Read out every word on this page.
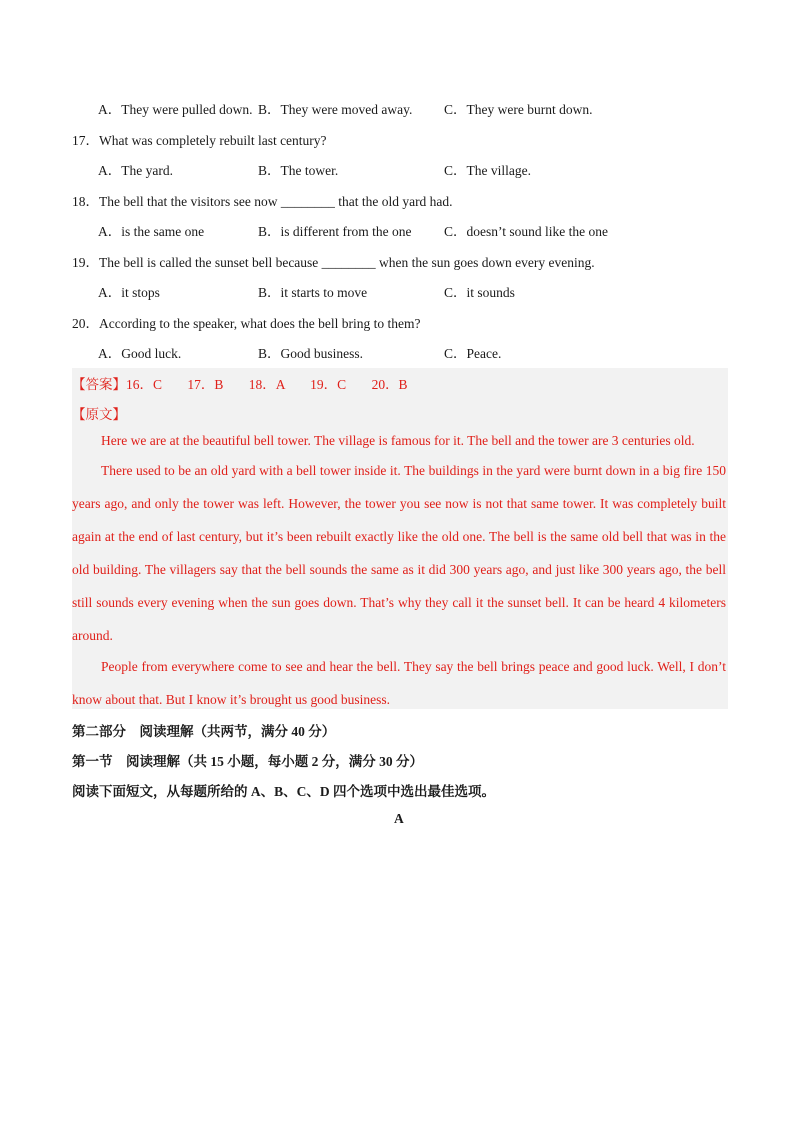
A．They were pulled down. B．They were moved away. C．They were burnt down.
17．What was completely rebuilt last century?
A．The yard.	B．The tower.	C．The village.
18．The bell that the visitors see now ________ that the old yard had.
A．is the same one	B．is different from the one C．doesn’t sound like the one
19．The bell is called the sunset bell because ________ when the sun goes down every evening.
A．it stops	B．it starts to move	C．it sounds
20．According to the speaker, what does the bell bring to them?
A．Good luck.	B．Good business.	C．Peace.
【答案】16．C 17．B 18．A 19．C 20．B
【原文】
Here we are at the beautiful bell tower. The village is famous for it. The bell and the tower are 3 centuries old.
There used to be an old yard with a bell tower inside it. The buildings in the yard were burnt down in a big fire 150 years ago, and only the tower was left. However, the tower you see now is not that same tower. It was completely built again at the end of last century, but it’s been rebuilt exactly like the old one. The bell is the same old bell that was in the old building. The villagers say that the bell sounds the same as it did 300 years ago, and just like 300 years ago, the bell still sounds every evening when the sun goes down. That’s why they call it the sunset bell. It can be heard 4 kilometers around.
People from everywhere come to see and hear the bell. They say the bell brings peace and good luck. Well, I don’t know about that. But I know it’s brought us good business.
第二部分　阅读理解（共两节，满分 40 分）
第一节　阅读理解（共 15 小题，每小题 2 分，满分 30 分）
阅读下面短文，从每题所给的 A、B、C、D 四个选项中选出最佳选项。
A
